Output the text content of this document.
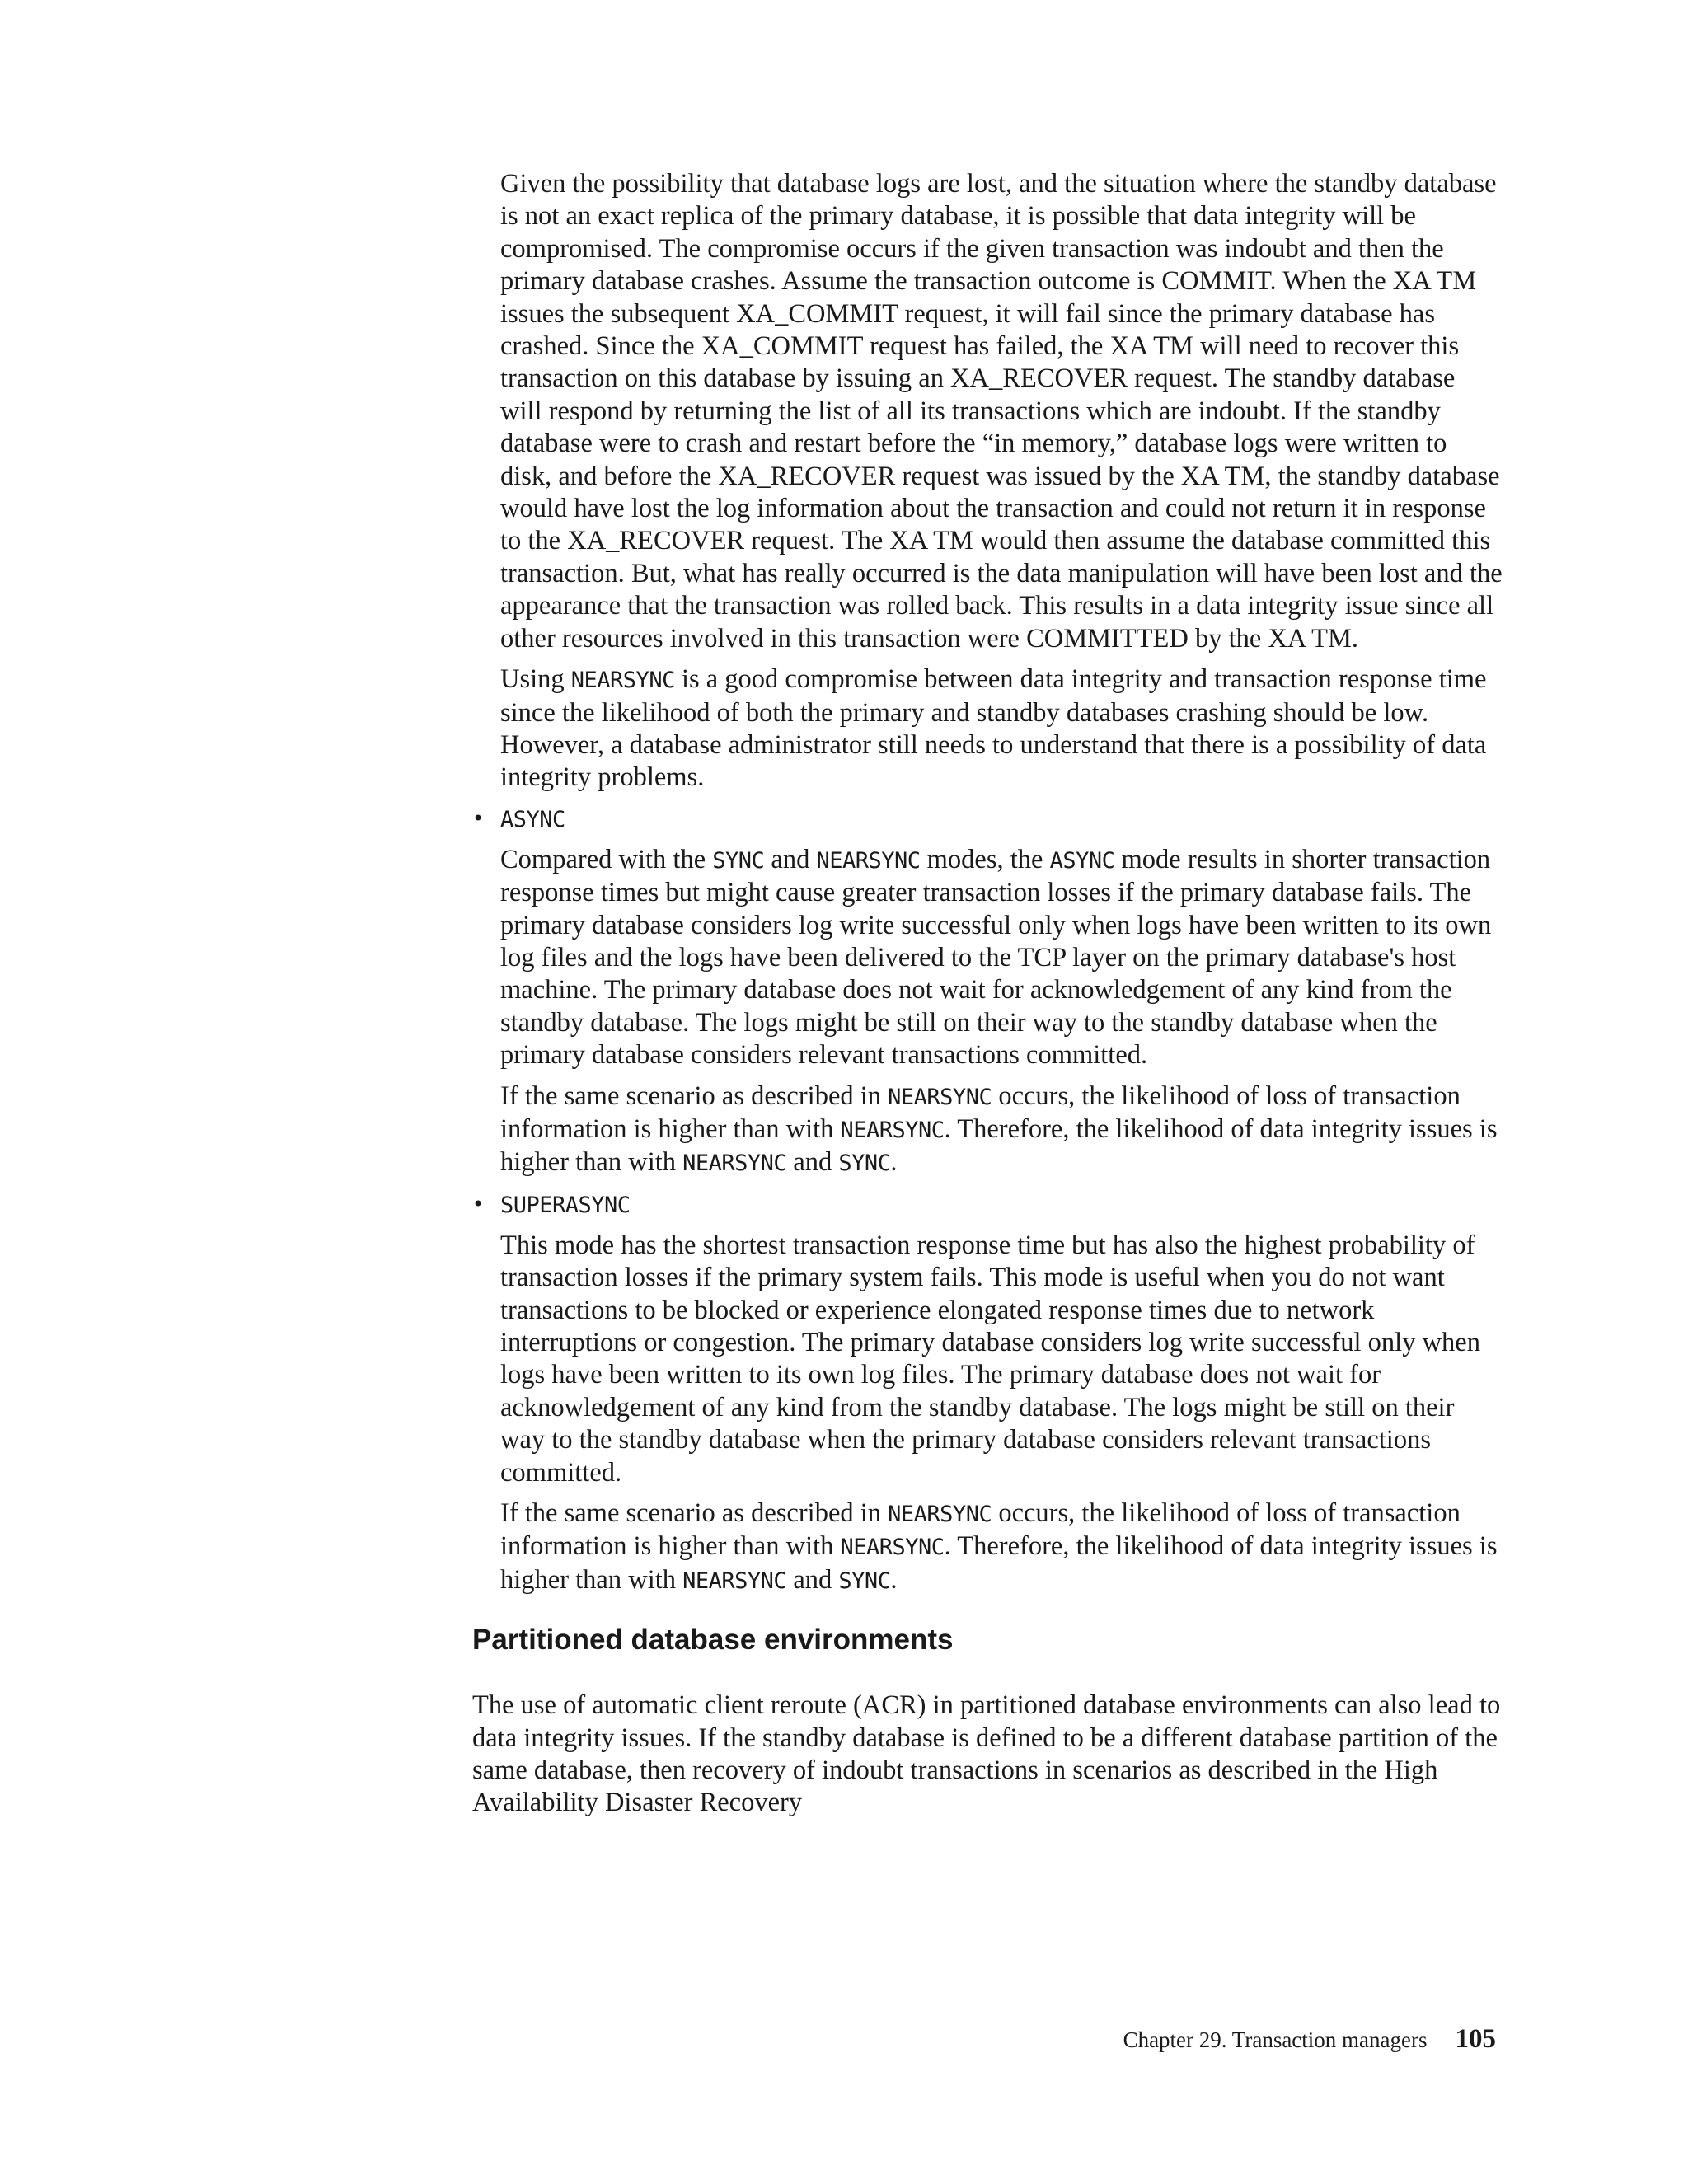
Given the possibility that database logs are lost, and the situation where the standby database is not an exact replica of the primary database, it is possible that data integrity will be compromised. The compromise occurs if the given transaction was indoubt and then the primary database crashes. Assume the transaction outcome is COMMIT. When the XA TM issues the subsequent XA_COMMIT request, it will fail since the primary database has crashed. Since the XA_COMMIT request has failed, the XA TM will need to recover this transaction on this database by issuing an XA_RECOVER request. The standby database will respond by returning the list of all its transactions which are indoubt. If the standby database were to crash and restart before the “in memory,” database logs were written to disk, and before the XA_RECOVER request was issued by the XA TM, the standby database would have lost the log information about the transaction and could not return it in response to the XA_RECOVER request. The XA TM would then assume the database committed this transaction. But, what has really occurred is the data manipulation will have been lost and the appearance that the transaction was rolled back. This results in a data integrity issue since all other resources involved in this transaction were COMMITTED by the XA TM.

Using NEARSYNC is a good compromise between data integrity and transaction response time since the likelihood of both the primary and standby databases crashing should be low. However, a database administrator still needs to understand that there is a possibility of data integrity problems.

• ASYNC

Compared with the SYNC and NEARSYNC modes, the ASYNC mode results in shorter transaction response times but might cause greater transaction losses if the primary database fails. The primary database considers log write successful only when logs have been written to its own log files and the logs have been delivered to the TCP layer on the primary database's host machine. The primary database does not wait for acknowledgement of any kind from the standby database. The logs might be still on their way to the standby database when the primary database considers relevant transactions committed.

If the same scenario as described in NEARSYNC occurs, the likelihood of loss of transaction information is higher than with NEARSYNC. Therefore, the likelihood of data integrity issues is higher than with NEARSYNC and SYNC.

• SUPERASYNC

This mode has the shortest transaction response time but has also the highest probability of transaction losses if the primary system fails. This mode is useful when you do not want transactions to be blocked or experience elongated response times due to network interruptions or congestion. The primary database considers log write successful only when logs have been written to its own log files. The primary database does not wait for acknowledgement of any kind from the standby database. The logs might be still on their way to the standby database when the primary database considers relevant transactions committed.

If the same scenario as described in NEARSYNC occurs, the likelihood of loss of transaction information is higher than with NEARSYNC. Therefore, the likelihood of data integrity issues is higher than with NEARSYNC and SYNC.

Partitioned database environments

The use of automatic client reroute (ACR) in partitioned database environments can also lead to data integrity issues. If the standby database is defined to be a different database partition of the same database, then recovery of indoubt transactions in scenarios as described in the High Availability Disaster Recovery

Chapter 29. Transaction managers 105
